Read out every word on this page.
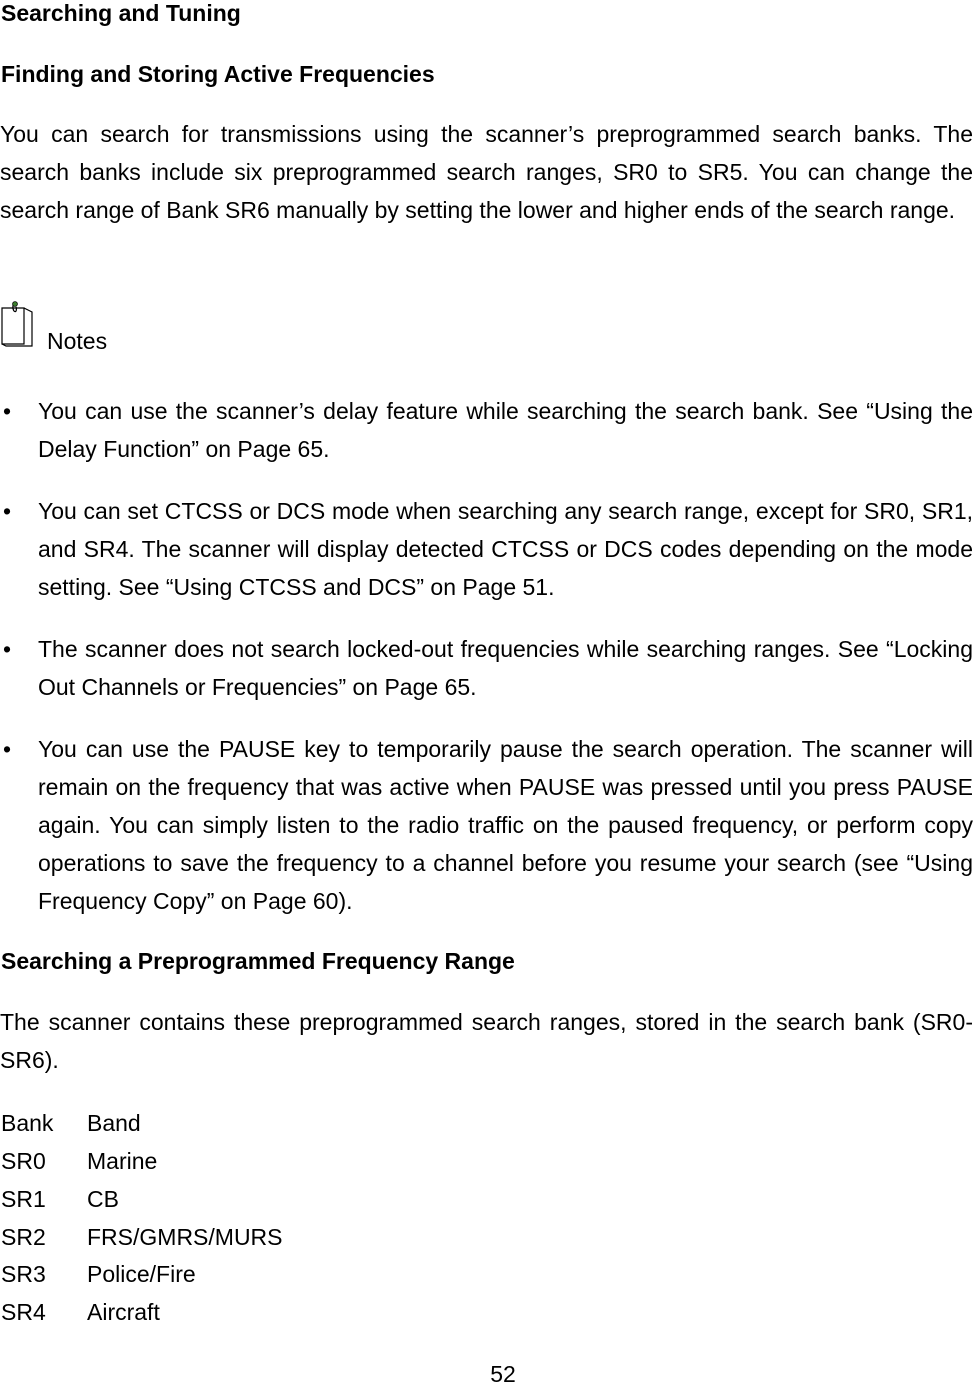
Searching and Tuning
Finding and Storing Active Frequencies
You can search for transmissions using the scanner’s preprogrammed search banks. The search banks include six preprogrammed search ranges, SR0 to SR5. You can change the search range of Bank SR6 manually by setting the lower and higher ends of the search range.
Notes
• You can use the scanner’s delay feature while searching the search bank. See “Using the Delay Function” on Page 65.
• You can set CTCSS or DCS mode when searching any search range, except for SR0, SR1, and SR4. The scanner will display detected CTCSS or DCS codes depending on the mode setting. See “Using CTCSS and DCS” on Page 51.
• The scanner does not search locked-out frequencies while searching ranges. See “Locking Out Channels or Frequencies” on Page 65.
• You can use the PAUSE key to temporarily pause the search operation. The scanner will remain on the frequency that was active when PAUSE was pressed until you press PAUSE again. You can simply listen to the radio traffic on the paused frequency, or perform copy operations to save the frequency to a channel before you resume your search (see “Using Frequency Copy” on Page 60).
Searching a Preprogrammed Frequency Range
The scanner contains these preprogrammed search ranges, stored in the search bank (SR0-SR6).
Bank Band
SR0 Marine
SR1 CB
SR2 FRS/GMRS/MURS
SR3 Police/Fire
SR4 Aircraft
52
